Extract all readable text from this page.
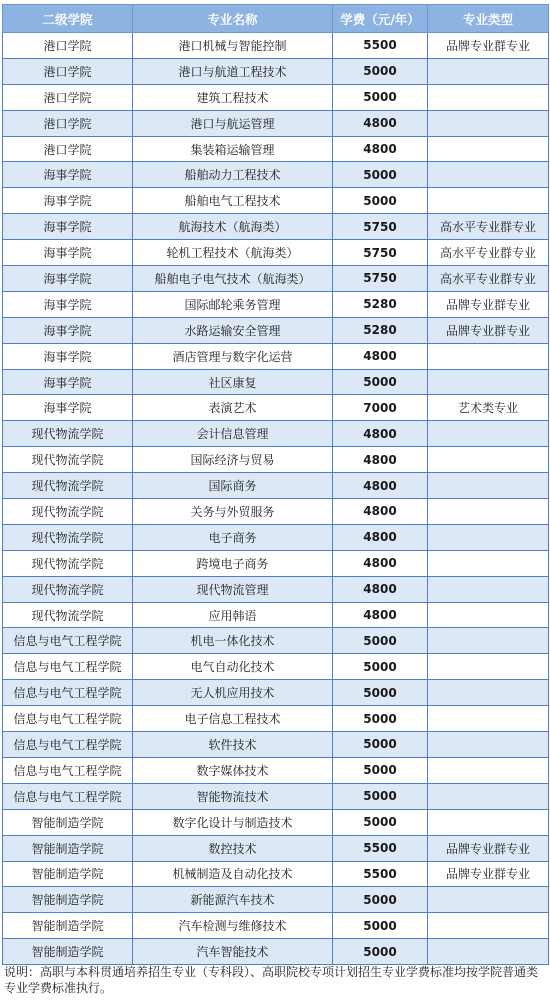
二级学院	专业名称	学费（元/年）	专业类型
港口学院	港口机械与智能控制	5500	品牌专业群专业
港口学院	港口与航道工程技术	5000	
港口学院	建筑工程技术	5000	
港口学院	港口与航运管理	4800	
港口学院	集装箱运输管理	4800	
海事学院	船舶动力工程技术	5000	
海事学院	船舶电气工程技术	5000	
海事学院	航海技术（航海类）	5750	高水平专业群专业
海事学院	轮机工程技术（航海类）	5750	高水平专业群专业
海事学院	船舶电子电气技术（航海类）	5750	高水平专业群专业
海事学院	国际邮轮乘务管理	5280	品牌专业群专业
海事学院	水路运输安全管理	5280	品牌专业群专业
海事学院	酒店管理与数字化运营	4800	
海事学院	社区康复	5000	
海事学院	表演艺术	7000	艺术类专业
现代物流学院	会计信息管理	4800	
现代物流学院	国际经济与贸易	4800	
现代物流学院	国际商务	4800	
现代物流学院	关务与外贸服务	4800	
现代物流学院	电子商务	4800	
现代物流学院	跨境电子商务	4800	
现代物流学院	现代物流管理	4800	
现代物流学院	应用韩语	4800	
信息与电气工程学院	机电一体化技术	5000	
信息与电气工程学院	电气自动化技术	5000	
信息与电气工程学院	无人机应用技术	5000	
信息与电气工程学院	电子信息工程技术	5000	
信息与电气工程学院	软件技术	5000	
信息与电气工程学院	数字媒体技术	5000	
信息与电气工程学院	智能物流技术	5000	
智能制造学院	数字化设计与制造技术	5000	
智能制造学院	数控技术	5500	品牌专业群专业
智能制造学院	机械制造及自动化技术	5500	品牌专业群专业
智能制造学院	新能源汽车技术	5000	
智能制造学院	汽车检测与维修技术	5000	
智能制造学院	汽车智能技术	5000	
说明：高职与本科贯通培养招生专业（专科段）、高职院校专项计划招生专业学费标准均按学院普通类专业学费标准执行。
